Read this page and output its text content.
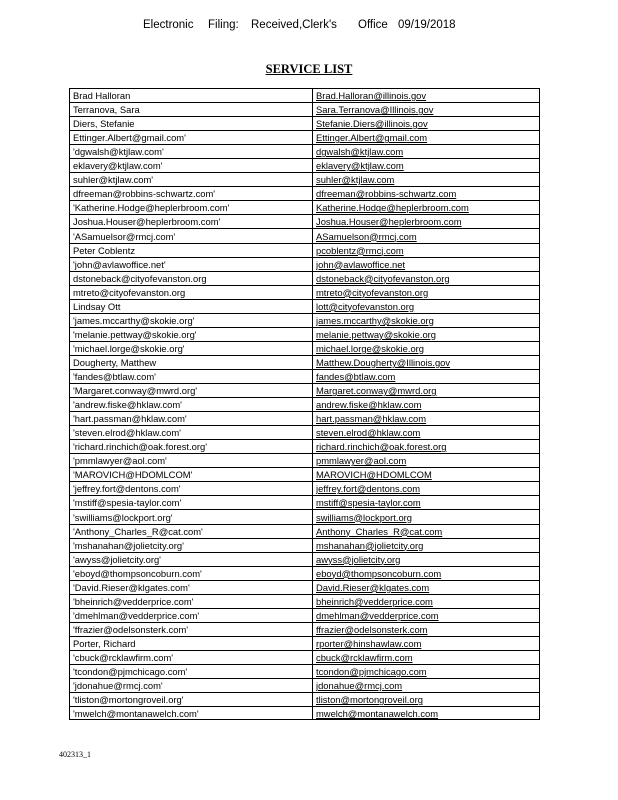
Electronic Filing: Received,Clerk's Office 09/19/2018
SERVICE LIST
Brad Halloran	Brad.Halloran@illinois.gov
Terranova, Sara	Sara.Terranova@Illinois.gov
Diers, Stefanie	Stefanie.Diers@illinois.gov
Ettinger.Albert@gmail.com'	Ettinger.Albert@gmail.com
'dgwalsh@ktjlaw.com'	dgwalsh@ktjlaw.com
eklavery@ktjlaw.com'	eklavery@ktjlaw.com
suhler@ktjlaw.com'	suhler@ktjlaw.com
dfreeman@robbins-schwartz.com'	dfreeman@robbins-schwartz.com
'Katherine.Hodge@heplerbroom.com'	Katherine.Hodge@heplerbroom.com
Joshua.Houser@heplerbroom.com'	Joshua.Houser@heplerbroom.com
'ASamuelsor@rmcj.com'	ASamuelson@rmcj.com
Peter Coblentz	pcoblentz@rmcj.com
'john@avlawoffice.net'	john@avlawoffice.net
dstoneback@cityofevanston.org	dstoneback@cityofevanston.org
mtreto@cityofevanston.org	mtreto@cityofevanston.org
Lindsay Ott	lott@cityofevanston.org
'james.mccarthy@skokie.org'	james.mccarthy@skokie.org
'melanie.pettway@skokie.org'	melanie.pettway@skokie.org
'michael.lorge@skokie.org'	michael.lorge@skokie.org
Dougherty, Matthew	Matthew.Dougherty@Illinois.gov
'fandes@btlaw.com'	fandes@btlaw.com
'Margaret.conway@mwrd.org'	Margaret.conway@mwrd.org
'andrew.fiske@hklaw.com'	andrew.fiske@hklaw.com
'hart.passman@hklaw.com'	hart.passman@hklaw.com
'steven.elrod@hklaw.com'	steven.elrod@hklaw.com
'richard.rinchich@oak.forest.org'	richard.rinchich@oak.forest.org
'pmmlawyer@aol.com'	pmmlawyer@aol.com
'MAROVICH@HDOMLCOM'	MAROVICH@HDOMLCOM
'jeffrey.fort@dentons.com'	jeffrey.fort@dentons.com
'mstiff@spesia-taylor.com'	mstiff@spesia-taylor.com
'swilliams@lockport.org'	swilliams@lockport.org
'Anthony_Charles_R@cat.com'	Anthony_Charles_R@cat.com
'mshanahan@jolietcity.org'	mshanahan@jolietcity.org
'awyss@jolietcity.org'	awyss@jolietcity.org
'eboyd@thompsoncoburn.com'	eboyd@thompsoncoburn.com
'David.Rieser@klgates.com'	David.Rieser@klgates.com
'bheinrich@vedderprice.com'	bheinrich@vedderprice.com
'dmehlman@vedderprice.com'	dmehlman@vedderprice.com
'ffrazier@odelsonsterk.com'	ffrazier@odelsonsterk.com
Porter, Richard	rporter@hinshawlaw.com
'cbuck@rcklawfirm.com'	cbuck@rcklawfirm.com
'tcondon@pjmchicago.com'	tcondon@pjmchicago.com
'jdonahue@rmcj.com'	jdonahue@rmcj.com
'tliston@mortongroveil.org'	tliston@mortongroveil.org
'mwelch@montanawelch.com'	mwelch@montanawelch.com
402313_1
